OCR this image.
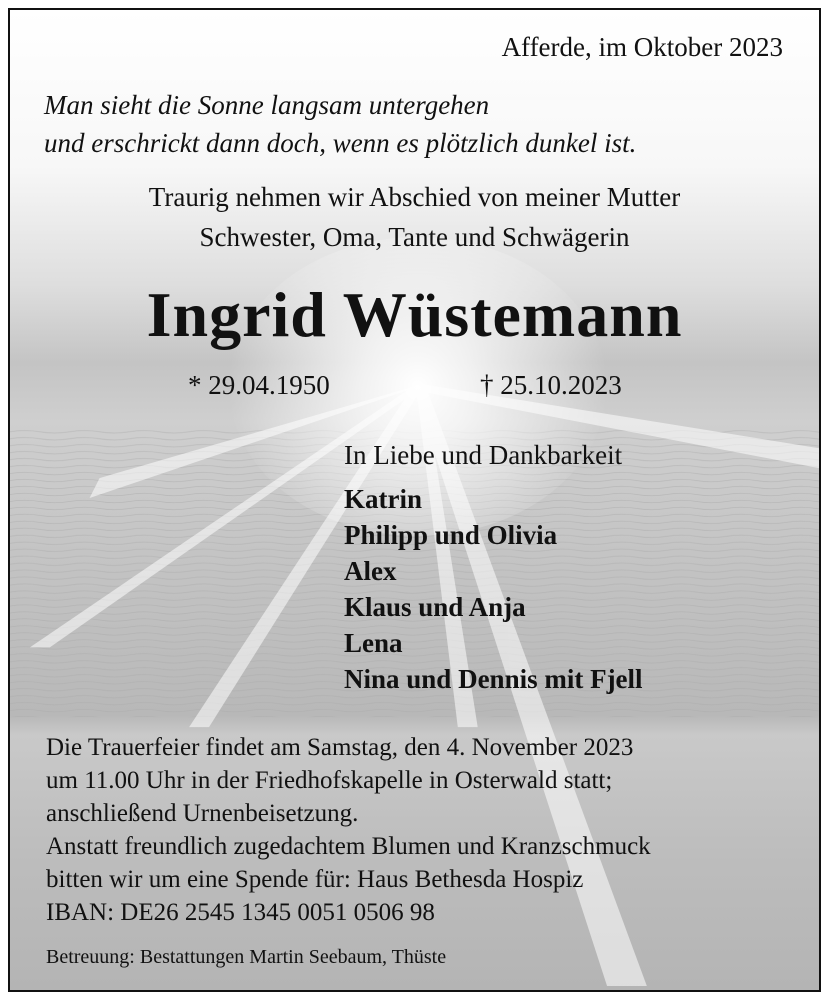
Afferde, im Oktober 2023
Man sieht die Sonne langsam untergehen
und erschrickt dann doch, wenn es plötzlich dunkel ist.
Traurig nehmen wir Abschied von meiner Mutter
Schwester, Oma, Tante und Schwägerin
Ingrid Wüstemann
* 29.04.1950	† 25.10.2023
In Liebe und Dankbarkeit
Katrin
Philipp und Olivia
Alex
Klaus und Anja
Lena
Nina und Dennis mit Fjell
Die Trauerfeier findet am Samstag, den 4. November 2023
um 11.00 Uhr in der Friedhofskapelle in Osterwald statt;
anschließend Urnenbeisetzung.
Anstatt freundlich zugedachtem Blumen und Kranzschmuck
bitten wir um eine Spende für: Haus Bethesda Hospiz
IBAN: DE26 2545 1345 0051 0506 98
Betreuung: Bestattungen Martin Seebaum, Thüste
